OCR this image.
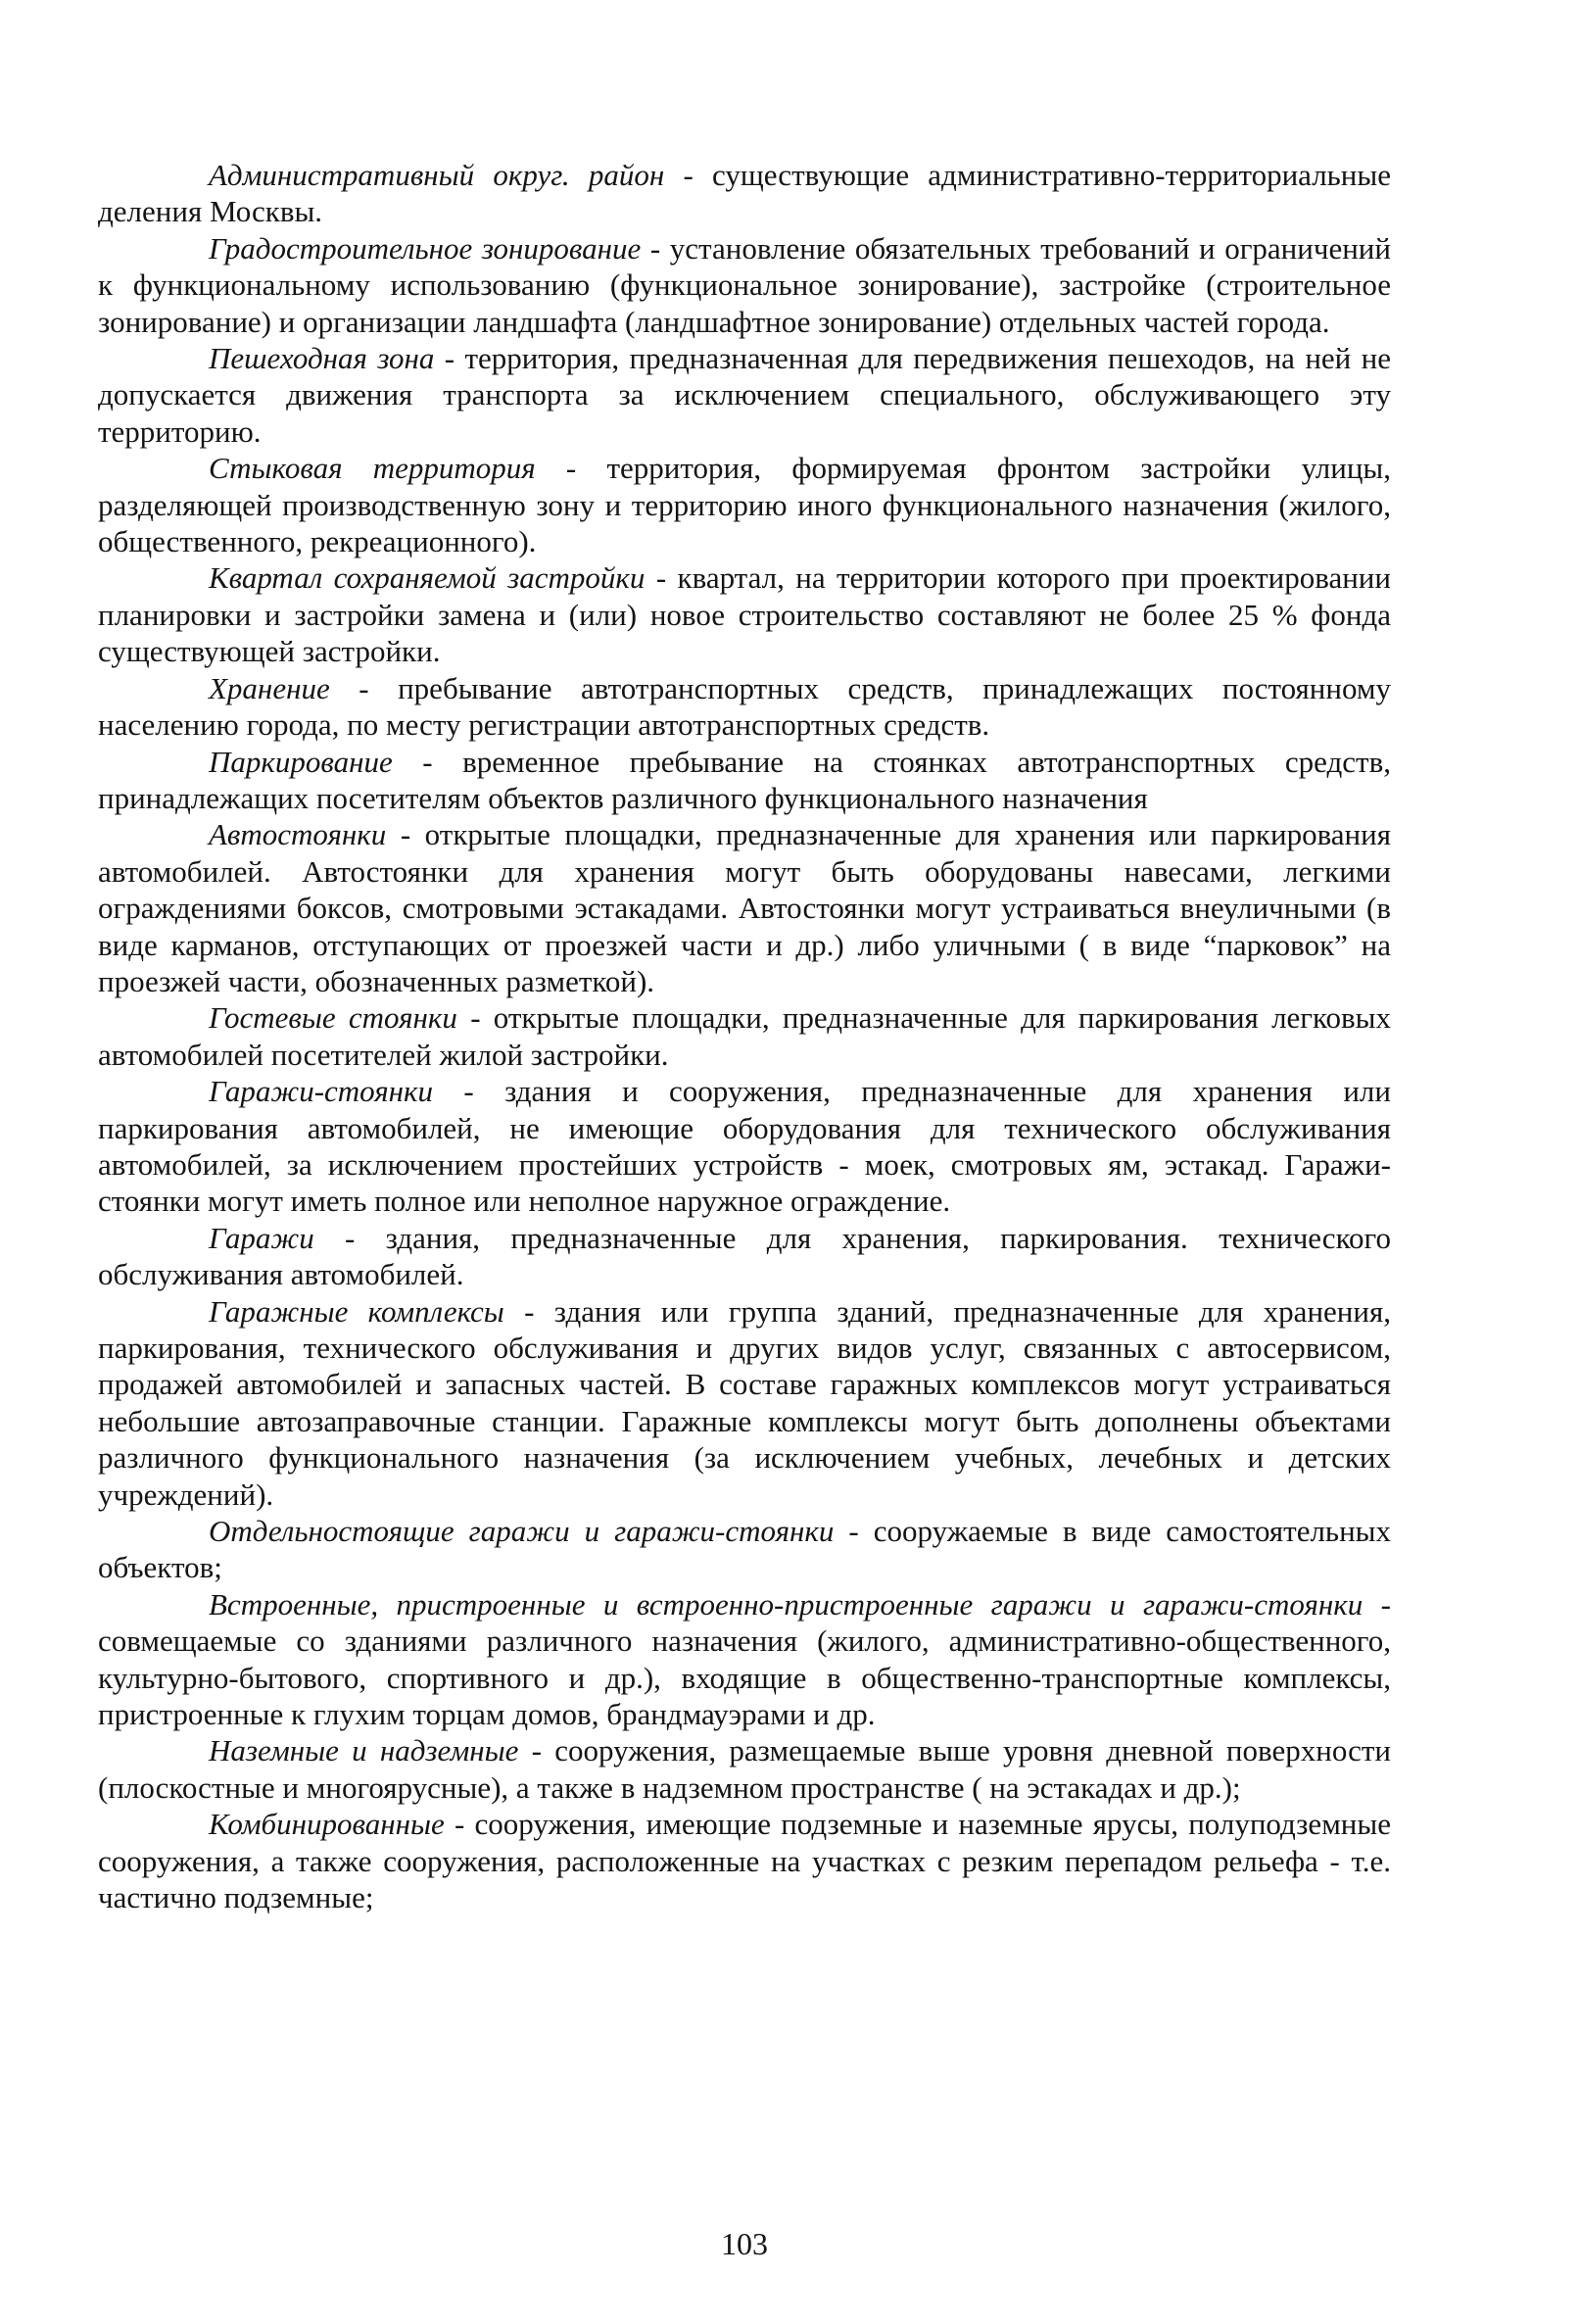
Административный округ. район - существующие административно-территориальные деления Москвы.

Градостроительное зонирование - установление обязательных требований и ограничений к функциональному использованию (функциональное зонирование), застройке (строительное зонирование) и организации ландшафта (ландшафтное зонирование) отдельных частей города.

Пешеходная зона - территория, предназначенная для передвижения пешеходов, на ней не допускается движения транспорта за исключением специального, обслуживающего эту территорию.

Стыковая территория - территория, формируемая фронтом застройки улицы, разделяющей производственную зону и территорию иного функционального назначения (жилого, общественного, рекреационного).

Квартал сохраняемой застройки - квартал, на территории которого при проектировании планировки и застройки замена и (или) новое строительство составляют не более 25 % фонда существующей застройки.

Хранение - пребывание автотранспортных средств, принадлежащих постоянному населению города, по месту регистрации автотранспортных средств.

Паркирование - временное пребывание на стоянках автотранспортных средств, принадлежащих посетителям объектов различного функционального назначения

Автостоянки - открытые площадки, предназначенные для хранения или паркирования автомобилей. Автостоянки для хранения могут быть оборудованы навесами, легкими ограждениями боксов, смотровыми эстакадами. Автостоянки могут устраиваться внеуличными (в виде карманов, отступающих от проезжей части и др.) либо уличными ( в виде “парковок” на проезжей части, обозначенных разметкой).

Гостевые стоянки - открытые площадки, предназначенные для паркирования легковых автомобилей посетителей жилой застройки.

Гаражи-стоянки - здания и сооружения, предназначенные для хранения или паркирования автомобилей, не имеющие оборудования для технического обслуживания автомобилей, за исключением простейших устройств - моек, смотровых ям, эстакад. Гаражи-стоянки могут иметь полное или неполное наружное ограждение.

Гаражи - здания, предназначенные для хранения, паркирования. технического обслуживания автомобилей.

Гаражные комплексы - здания или группа зданий, предназначенные для хранения, паркирования, технического обслуживания и других видов услуг, связанных с автосервисом, продажей автомобилей и запасных частей. В составе гаражных комплексов могут устраиваться небольшие автозаправочные станции. Гаражные комплексы могут быть дополнены объектами различного функционального назначения (за исключением учебных, лечебных и детских учреждений).

Отдельностоящие гаражи и гаражи-стоянки - сооружаемые в виде самостоятельных объектов;

Встроенные, пристроенные и встроенно-пристроенные гаражи и гаражи-стоянки - совмещаемые со зданиями различного назначения (жилого, административно-общественного, культурно-бытового, спортивного и др.), входящие в общественно-транспортные комплексы, пристроенные к глухим торцам домов, брандмауэрами и др.

Наземные и надземные - сооружения, размещаемые выше уровня дневной поверхности (плоскостные и многоярусные), а также в надземном пространстве ( на эстакадах и др.);

Комбинированные - сооружения, имеющие подземные и наземные ярусы, полуподземные сооружения, а также сооружения, расположенные на участках с резким перепадом рельефа - т.е. частично подземные;

103
